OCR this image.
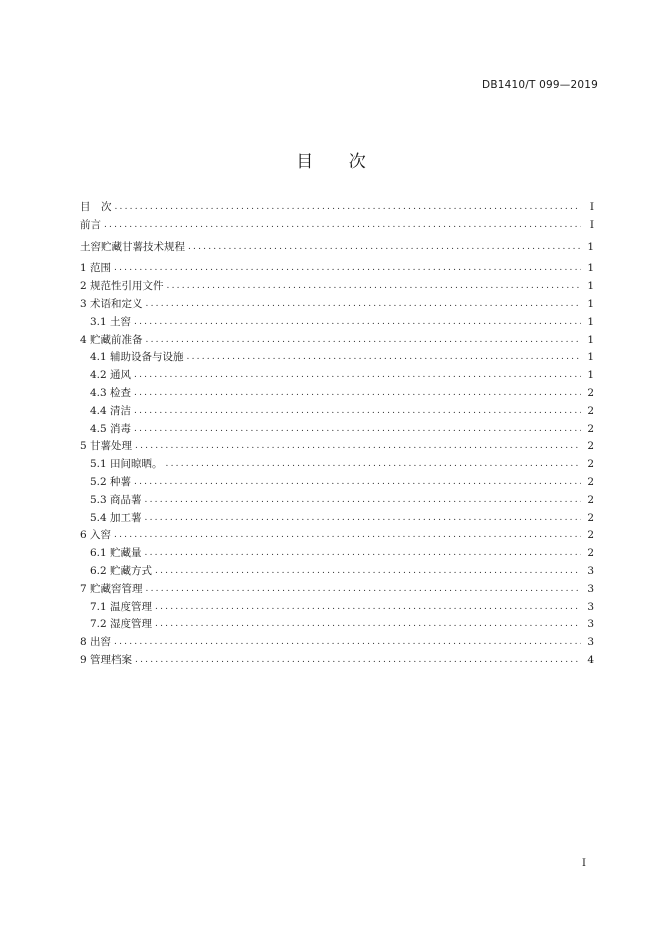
DB1410/T 099—2019
目 次
目　次 .....	I
前言 .....	I
土窖贮藏甘薯技术规程 .....	1
1 范围 .....	1
2 规范性引用文件 .....	1
3 术语和定义 .....	1
3.1 土窖 .....	1
4 贮藏前准备 .....	1
4.1 辅助设备与设施 .....	1
4.2 通风 .....	1
4.3 检查 .....	2
4.4 清洁 .....	2
4.5 消毒 .....	2
5 甘薯处理 .....	2
5.1 田间晾晒。 .....	2
5.2 种薯 .....	2
5.3 商品薯 .....	2
5.4 加工薯 .....	2
6 入窖 .....	2
6.1 贮藏量 .....	2
6.2 贮藏方式 .....	3
7 贮藏窖管理 .....	3
7.1 温度管理 .....	3
7.2 湿度管理 .....	3
8 出窖 .....	3
9 管理档案 .....	4
I
